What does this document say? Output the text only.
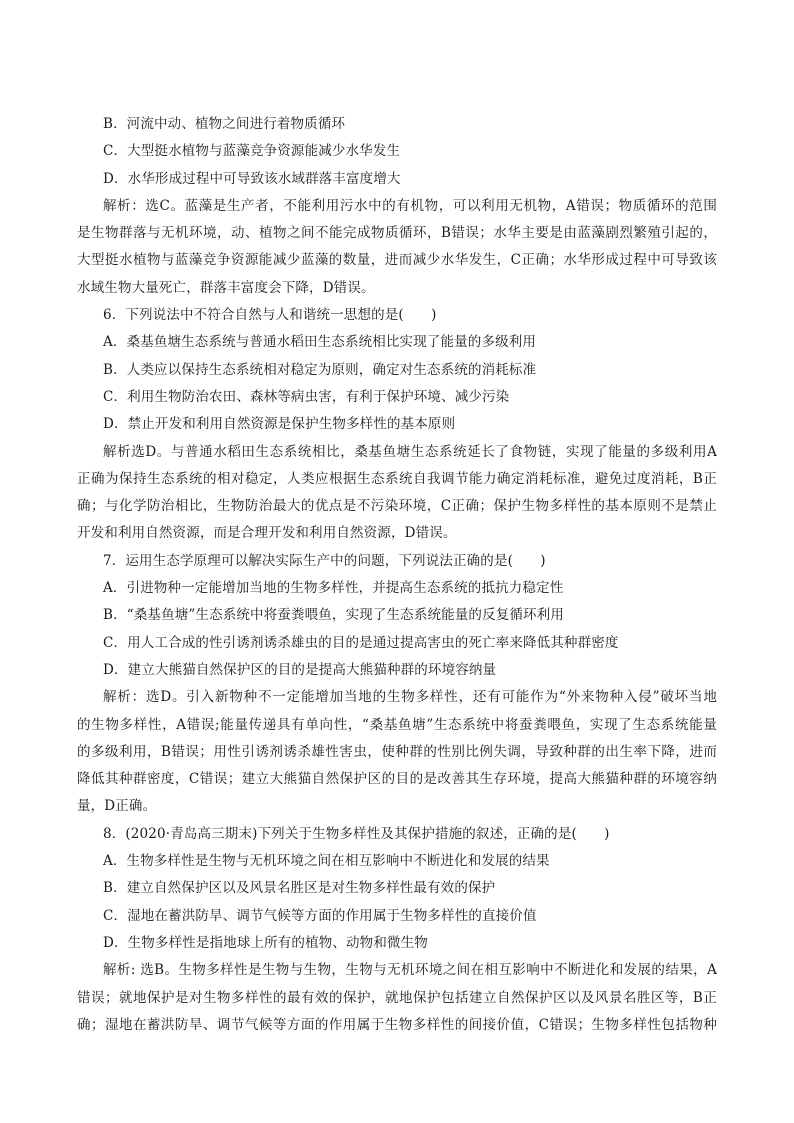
B．河流中动、植物之间进行着物质循环
C．大型挺水植物与蓝藻竞争资源能减少水华发生
D．水华形成过程中可导致该水域群落丰富度增大
解析：选C。蓝藻是生产者，不能利用污水中的有机物，可以利用无机物，A错误；物质循环的范围
是生物群落与无机环境，动、植物之间不能完成物质循环，B错误；水华主要是由蓝藻剧烈繁殖引起的，
大型挺水植物与蓝藻竞争资源能减少蓝藻的数量，进而减少水华发生，C正确；水华形成过程中可导致该
水域生物大量死亡，群落丰富度会下降，D错误。
6．下列说法中不符合自然与人和谐统一思想的是(　　)
A．桑基鱼塘生态系统与普通水稻田生态系统相比实现了能量的多级利用
B．人类应以保持生态系统相对稳定为原则，确定对生态系统的消耗标准
C．利用生物防治农田、森林等病虫害，有利于保护环境、减少污染
D．禁止开发和利用自然资源是保护生物多样性的基本原则
解析选D。与普通水稻田生态系统相比，桑基鱼塘生态系统延长了食物链，实现了能量的多级利用A
正确为保持生态系统的相对稳定，人类应根据生态系统自我调节能力确定消耗标准，避免过度消耗，B正
确；与化学防治相比，生物防治最大的优点是不污染环境，C正确；保护生物多样性的基本原则不是禁止
开发和利用自然资源，而是合理开发和利用自然资源，D错误。
7．运用生态学原理可以解决实际生产中的问题，下列说法正确的是(　　)
A．引进物种一定能增加当地的生物多样性，并提高生态系统的抵抗力稳定性
B．“桑基鱼塘”生态系统中将蚕粪喂鱼，实现了生态系统能量的反复循环利用
C．用人工合成的性引诱剂诱杀雄虫的目的是通过提高害虫的死亡率来降低其种群密度
D．建立大熊猫自然保护区的目的是提高大熊猫种群的环境容纳量
解析：选D。引入新物种不一定能增加当地的生物多样性，还有可能作为“外来物种入侵”破坏当地
的生物多样性，A错误;能量传递具有单向性，“桑基鱼塘”生态系统中将蚕粪喂鱼，实现了生态系统能量
的多级利用，B错误；用性引诱剂诱杀雄性害虫，使种群的性别比例失调，导致种群的出生率下降，进而
降低其种群密度，C错误；建立大熊猫自然保护区的目的是改善其生存环境，提高大熊猫种群的环境容纳
量，D正确。
8．(2020·青岛高三期末)下列关于生物多样性及其保护措施的叙述，正确的是(　　)
A．生物多样性是生物与无机环境之间在相互影响中不断进化和发展的结果
B．建立自然保护区以及风景名胜区是对生物多样性最有效的保护
C．湿地在蓄洪防旱、调节气候等方面的作用属于生物多样性的直接价值
D．生物多样性是指地球上所有的植物、动物和微生物
解析: 选B。生物多样性是生物与生物，生物与无机环境之间在相互影响中不断进化和发展的结果，A
错误；就地保护是对生物多样性的最有效的保护，就地保护包括建立自然保护区以及风景名胜区等，B正
确；湿地在蓄洪防旱、调节气候等方面的作用属于生物多样性的间接价值，C错误；生物多样性包括物种
